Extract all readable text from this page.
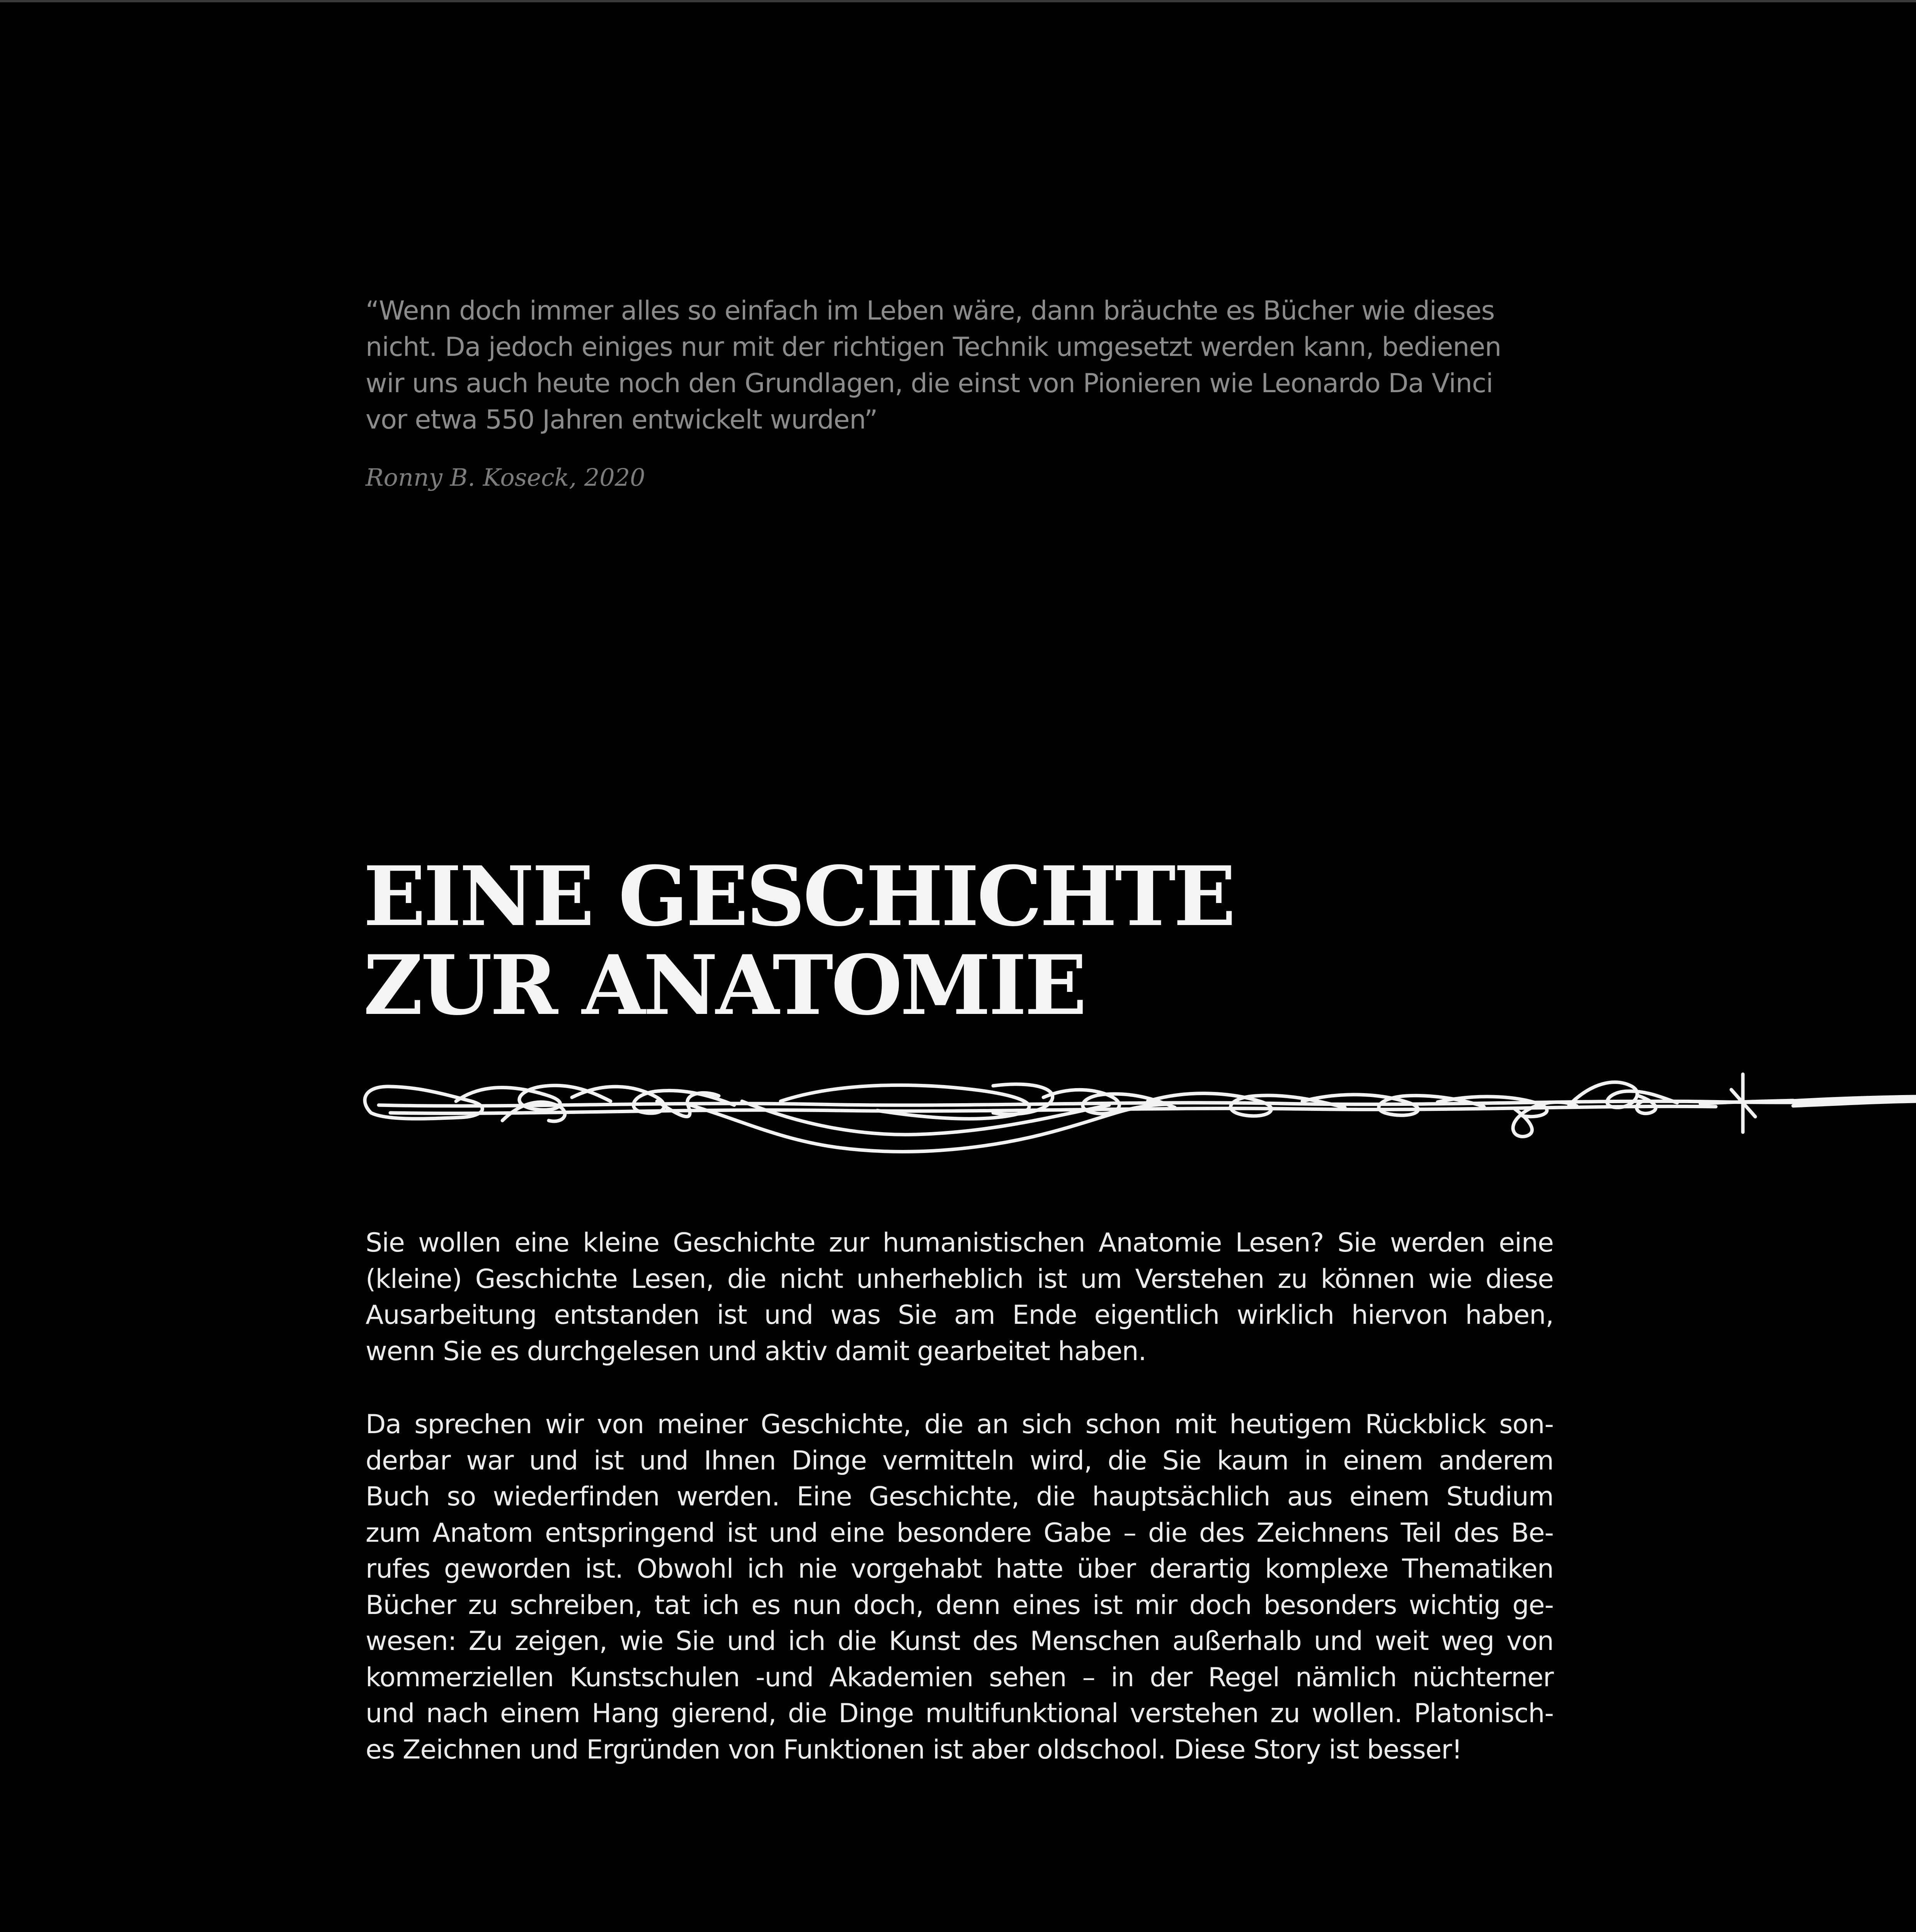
“Wenn doch immer alles so einfach im Leben wäre, dann bräuchte es Bücher wie dieses
nicht. Da jedoch einiges nur mit der richtigen Technik umgesetzt werden kann, bedienen
wir uns auch heute noch den Grundlagen, die einst von Pionieren wie Leonardo Da Vinci
vor etwa 550 Jahren entwickelt wurden”

Ronny B. Koseck, 2020
EINE GESCHICHTE
ZUR ANATOMIE
Sie wollen eine kleine Geschichte zur humanistischen Anatomie Lesen? Sie werden eine
(kleine) Geschichte Lesen, die nicht unherheblich ist um Verstehen zu können wie diese
Ausarbeitung entstanden ist und was Sie am Ende eigentlich wirklich hiervon haben,
wenn Sie es durchgelesen und aktiv damit gearbeitet haben.
Da sprechen wir von meiner Geschichte, die an sich schon mit heutigem Rückblick son-
derbar war und ist und Ihnen Dinge vermitteln wird, die Sie kaum in einem anderem
Buch so wiederfinden werden. Eine Geschichte, die hauptsächlich aus einem Studium
zum Anatom entspringend ist und eine besondere Gabe – die des Zeichnens Teil des Be-
rufes geworden ist. Obwohl ich nie vorgehabt hatte über derartig komplexe Thematiken
Bücher zu schreiben, tat ich es nun doch, denn eines ist mir doch besonders wichtig ge-
wesen: Zu zeigen, wie Sie und ich die Kunst des Menschen außerhalb und weit weg von
kommerziellen Kunstschulen -und Akademien sehen – in der Regel nämlich nüchterner
und nach einem Hang gierend, die Dinge multifunktional verstehen zu wollen. Platonisch-
es Zeichnen und Ergründen von Funktionen ist aber oldschool. Diese Story ist besser!
